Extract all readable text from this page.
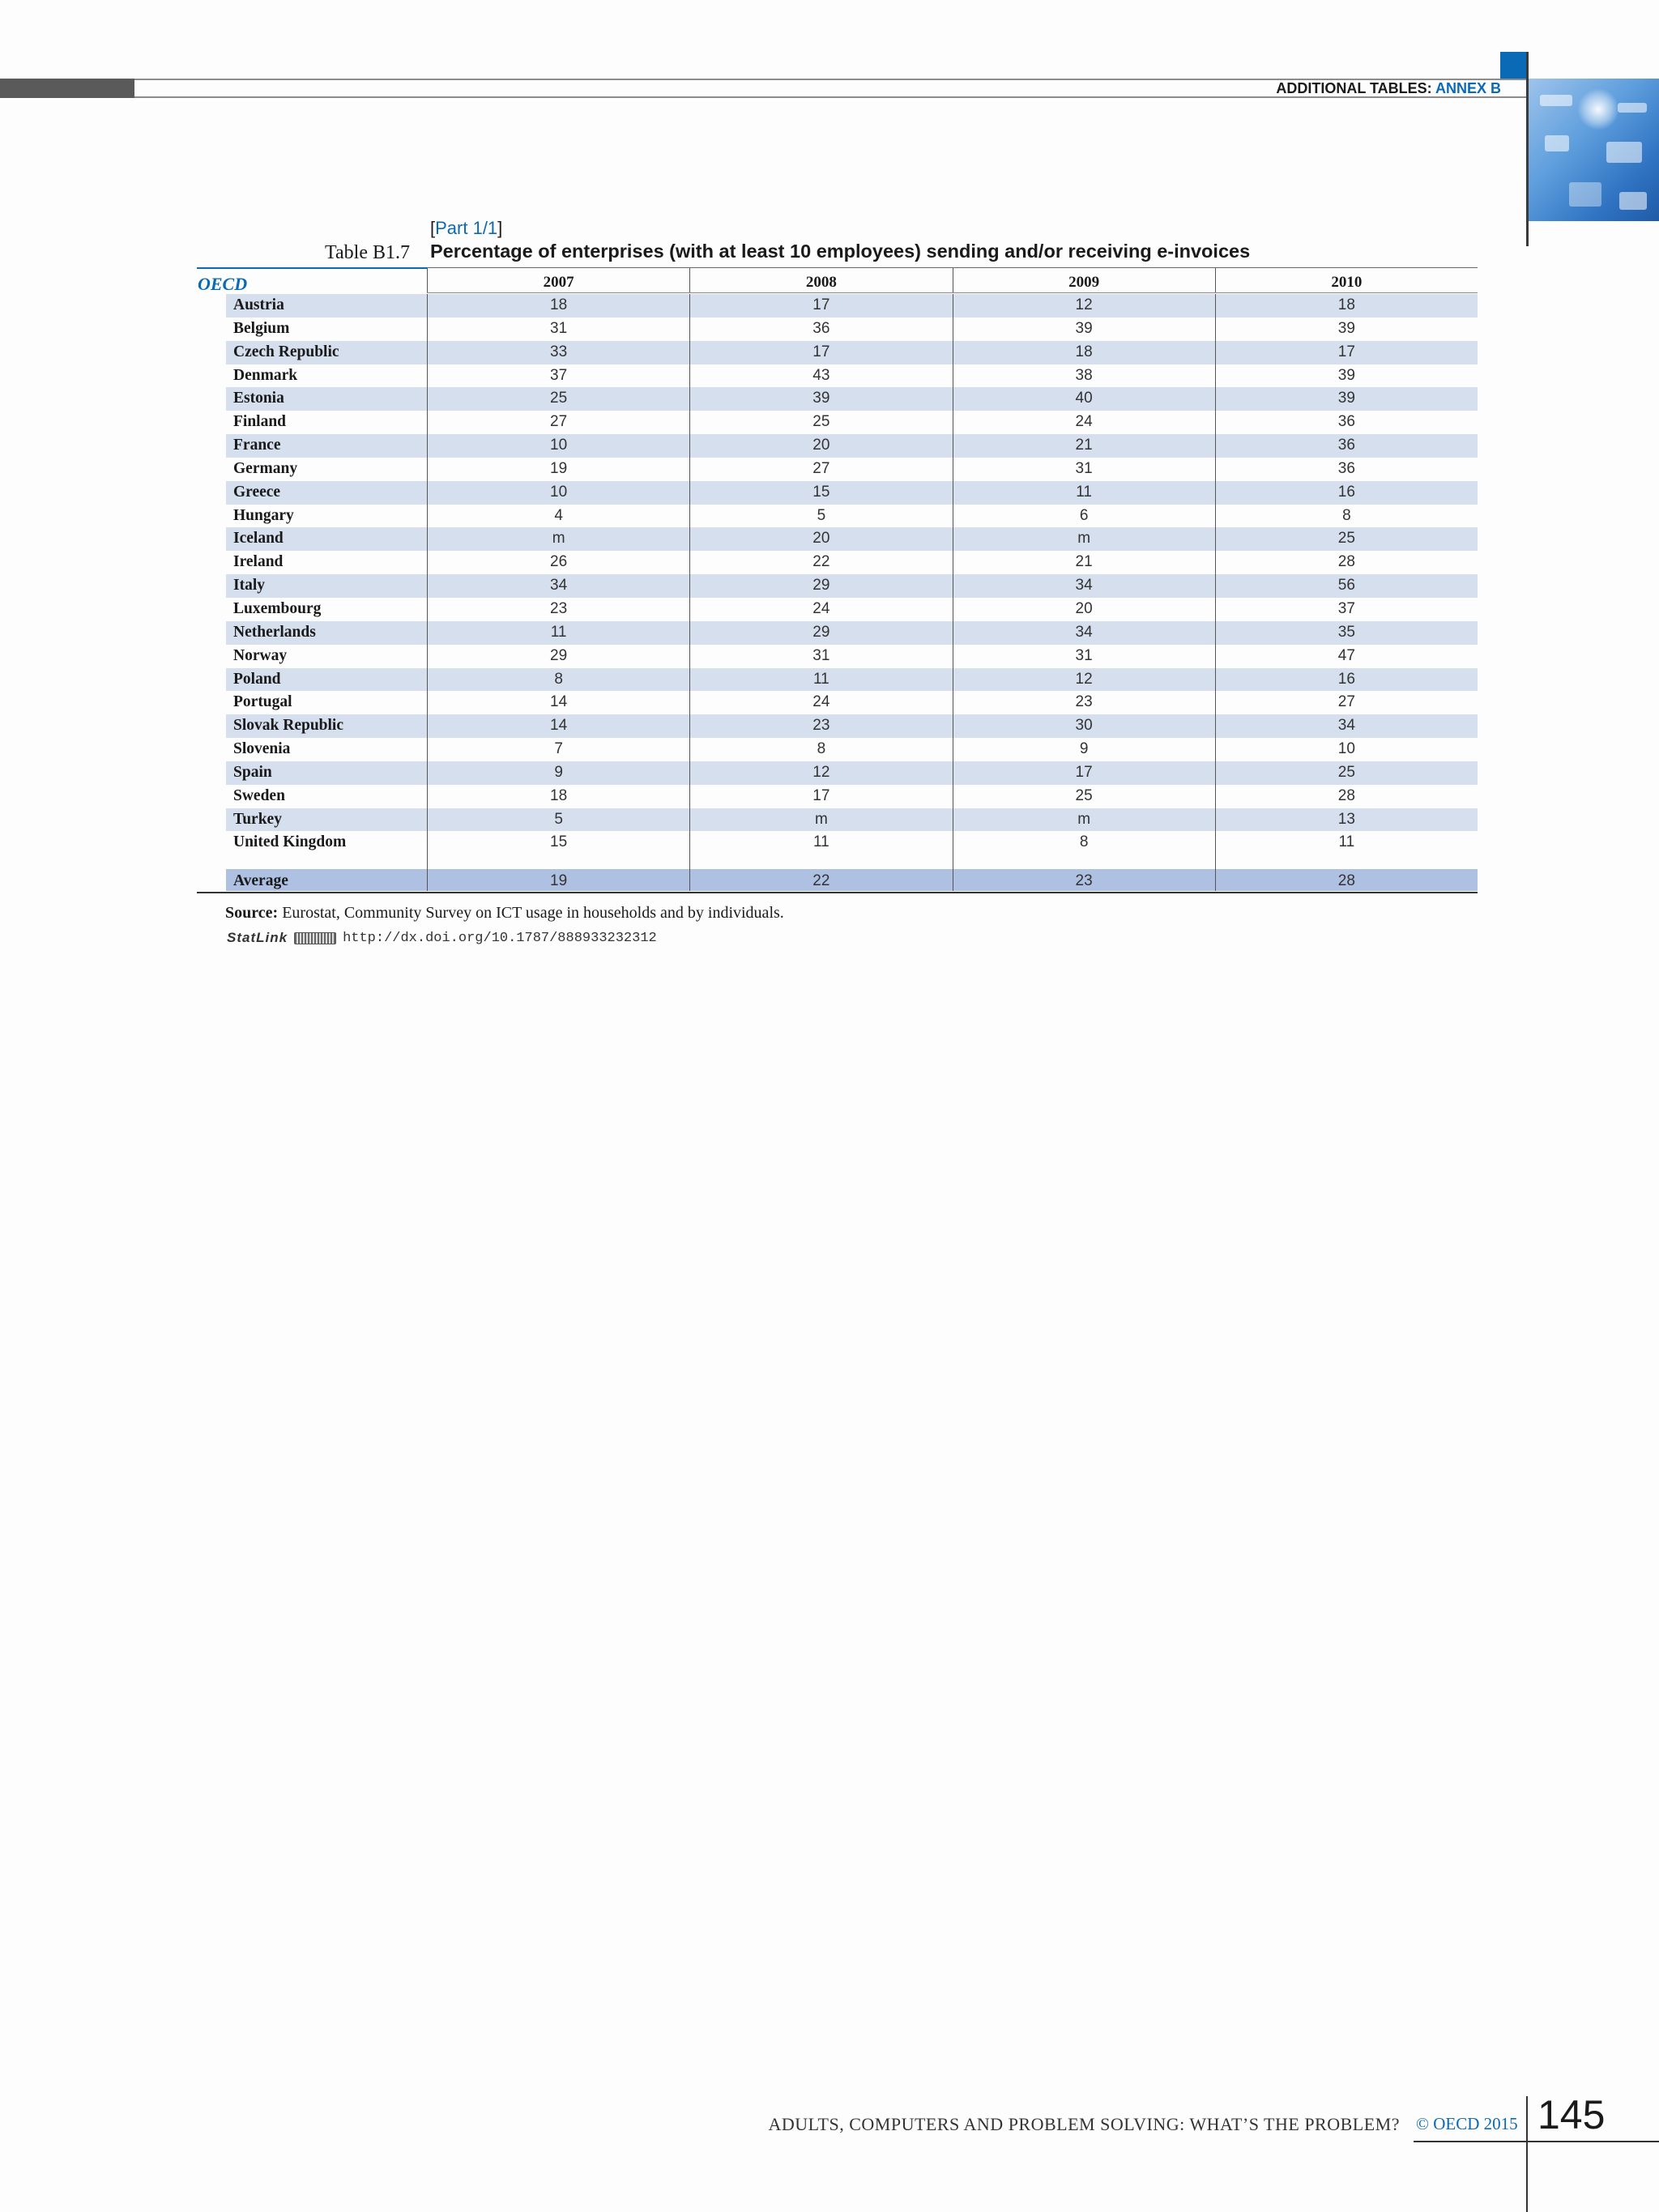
ADDITIONAL TABLES: ANNEX B
[Part 1/1]
Table B1.7 Percentage of enterprises (with at least 10 employees) sending and/or receiving e-invoices
OECD	2007	2008	2009	2010
Austria	18	17	12	18
Belgium	31	36	39	39
Czech Republic	33	17	18	17
Denmark	37	43	38	39
Estonia	25	39	40	39
Finland	27	25	24	36
France	10	20	21	36
Germany	19	27	31	36
Greece	10	15	11	16
Hungary	4	5	6	8
Iceland	m	20	m	25
Ireland	26	22	21	28
Italy	34	29	34	56
Luxembourg	23	24	20	37
Netherlands	11	29	34	35
Norway	29	31	31	47
Poland	8	11	12	16
Portugal	14	24	23	27
Slovak Republic	14	23	30	34
Slovenia	7	8	9	10
Spain	9	12	17	25
Sweden	18	17	25	28
Turkey	5	m	m	13
United Kingdom	15	11	8	11
Average	19	22	23	28
Source: Eurostat, Community Survey on ICT usage in households and by individuals.
StatLink	http://dx.doi.org/10.1787/888933232312
ADULTS, COMPUTERS AND PROBLEM SOLVING: WHAT’S THE PROBLEM? © OECD 2015 145
